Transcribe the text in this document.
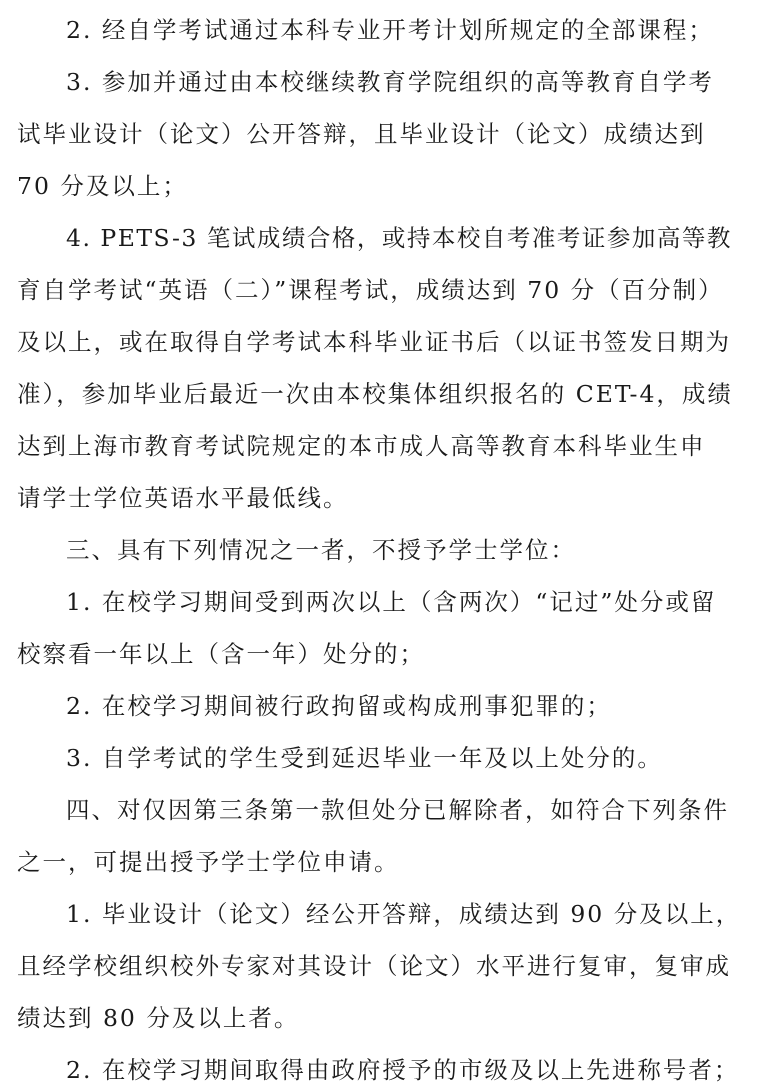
2. 经自学考试通过本科专业开考计划所规定的全部课程；
3. 参加并通过由本校继续教育学院组织的高等教育自学考
试毕业设计（论文）公开答辩，且毕业设计（论文）成绩达到
70 分及以上；
4. PETS-3 笔试成绩合格，或持本校自考准考证参加高等教
育自学考试“英语（二）”课程考试，成绩达到 70 分（百分制）
及以上，或在取得自学考试本科毕业证书后（以证书签发日期为
准），参加毕业后最近一次由本校集体组织报名的 CET-4，成绩
达到上海市教育考试院规定的本市成人高等教育本科毕业生申
请学士学位英语水平最低线。
三、具有下列情况之一者，不授予学士学位：
1. 在校学习期间受到两次以上（含两次）“记过”处分或留
校察看一年以上（含一年）处分的；
2. 在校学习期间被行政拘留或构成刑事犯罪的；
3. 自学考试的学生受到延迟毕业一年及以上处分的。
四、对仅因第三条第一款但处分已解除者，如符合下列条件
之一，可提出授予学士学位申请。
1. 毕业设计（论文）经公开答辩，成绩达到 90 分及以上，
且经学校组织校外专家对其设计（论文）水平进行复审，复审成
绩达到 80 分及以上者。
2. 在校学习期间取得由政府授予的市级及以上先进称号者；
